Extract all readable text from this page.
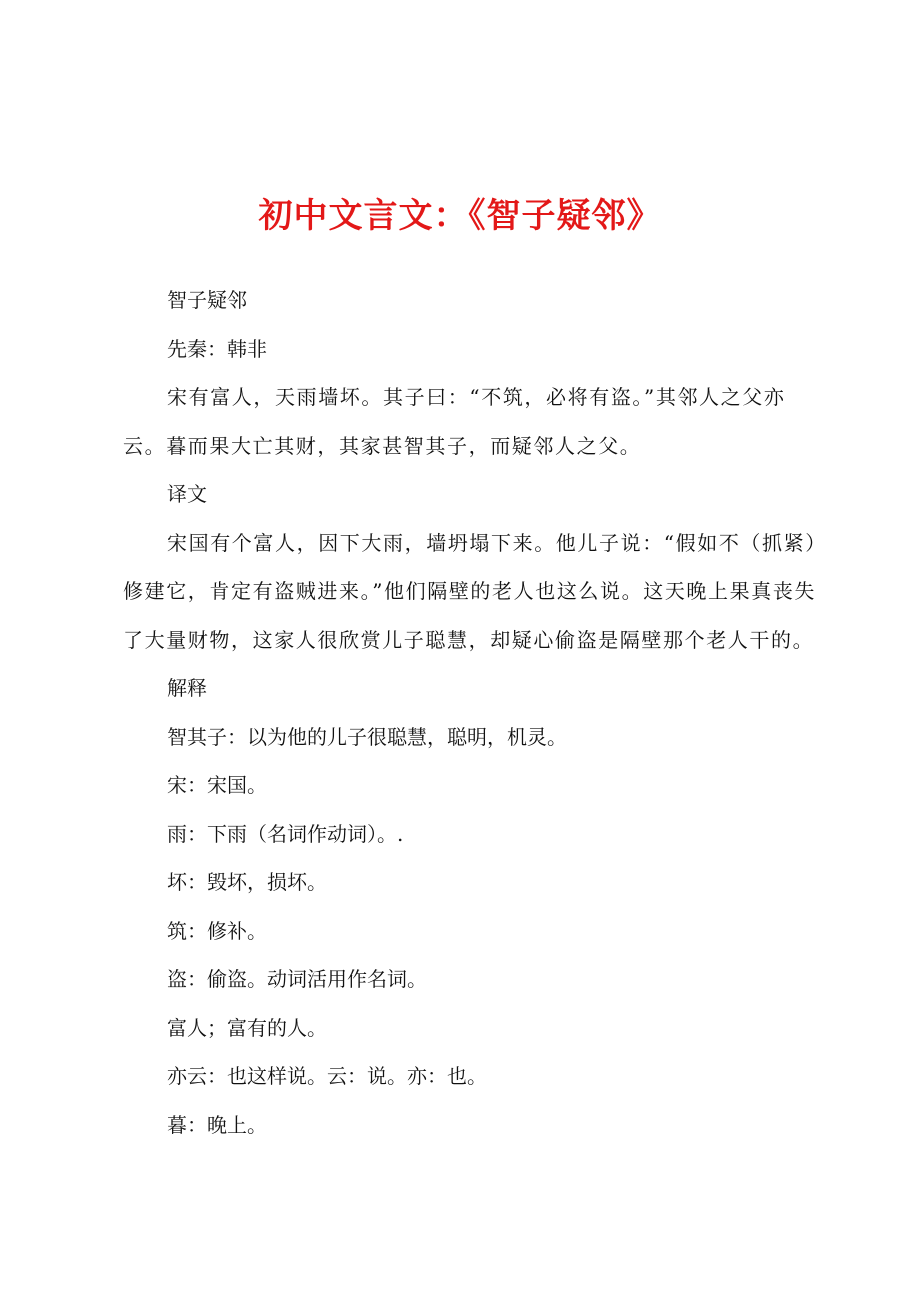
初中文言文：《智子疑邻》
智子疑邻
先秦：韩非
宋有富人，天雨墙坏。其子曰：“不筑，必将有盗。”其邻人之父亦云。暮而果大亡其财，其家甚智其子，而疑邻人之父。
译文
宋国有个富人，因下大雨，墙坍塌下来。他儿子说：“假如不（抓紧）修建它，肯定有盗贼进来。”他们隔壁的老人也这么说。这天晚上果真丧失了大量财物，这家人很欣赏儿子聪慧，却疑心偷盗是隔壁那个老人干的。
解释
智其子：以为他的儿子很聪慧，聪明，机灵。
宋：宋国。
雨：下雨（名词作动词）。.
坏：毁坏，损坏。
筑：修补。
盗：偷盗。动词活用作名词。
富人；富有的人。
亦云：也这样说。云：说。亦：也。
暮：晚上。
